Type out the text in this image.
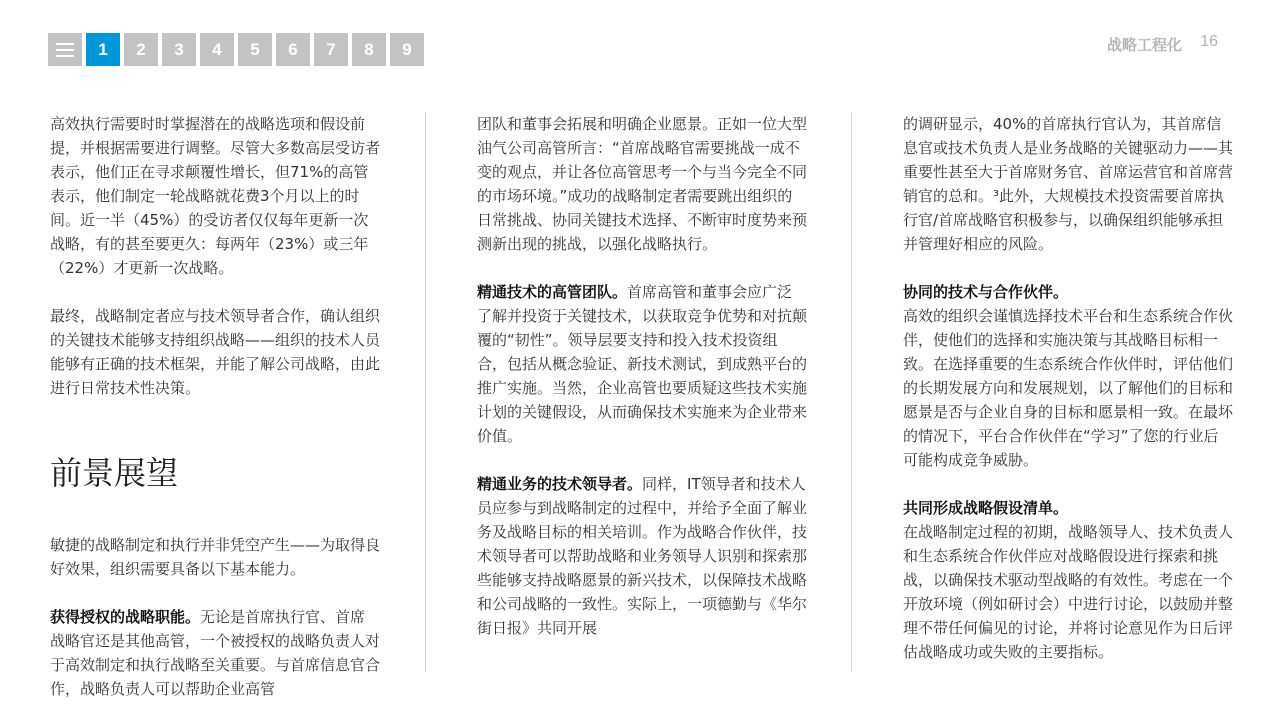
1	2	3	4	5	6	7	8	9	战略工程化 16

高效执行需要时时掌握潜在的战略选项和假设前提，并根据需要进行调整。尽管大多数高层受访者表示，他们正在寻求颠覆性增长，但71%的高管表示，他们制定一轮战略就花费3个月以上的时间。近一半（45%）的受访者仅仅每年更新一次战略，有的甚至要更久：每两年（23%）或三年（22%）才更新一次战略。

最终，战略制定者应与技术领导者合作，确认组织的关键技术能够支持组织战略——组织的技术人员能够有正确的技术框架，并能了解公司战略，由此进行日常技术性决策。

前景展望

敏捷的战略制定和执行并非凭空产生——为取得良好效果，组织需要具备以下基本能力。

获得授权的战略职能。无论是首席执行官、首席战略官还是其他高管，一个被授权的战略负责人对于高效制定和执行战略至关重要。与首席信息官合作，战略负责人可以帮助企业高管

团队和董事会拓展和明确企业愿景。正如一位大型油气公司高管所言：“首席战略官需要挑战一成不变的观点，并让各位高管思考一个与当今完全不同的市场环境。”成功的战略制定者需要跳出组织的日常挑战、协同关键技术选择、不断审时度势来预测新出现的挑战，以强化战略执行。

精通技术的高管团队。首席高管和董事会应广泛了解并投资于关键技术，以获取竞争优势和对抗颠覆的“韧性”。领导层要支持和投入技术投资组合，包括从概念验证、新技术测试，到成熟平台的推广实施。当然，企业高管也要质疑这些技术实施计划的关键假设，从而确保技术实施来为企业带来价值。

精通业务的技术领导者。同样，IT领导者和技术人员应参与到战略制定的过程中，并给予全面了解业务及战略目标的相关培训。作为战略合作伙伴，技术领导者可以帮助战略和业务领导人识别和探索那些能够支持战略愿景的新兴技术，以保障技术战略和公司战略的一致性。实际上，一项德勤与《华尔街日报》共同开展

的调研显示，40%的首席执行官认为，其首席信息官或技术负责人是业务战略的关键驱动力——其重要性甚至大于首席财务官、首席运营官和首席营销官的总和。³此外，大规模技术投资需要首席执行官/首席战略官积极参与，以确保组织能够承担并管理好相应的风险。

协同的技术与合作伙伴。

高效的组织会谨慎选择技术平台和生态系统合作伙伴，使他们的选择和实施决策与其战略目标相一致。在选择重要的生态系统合作伙伴时，评估他们的长期发展方向和发展规划，以了解他们的目标和愿景是否与企业自身的目标和愿景相一致。在最坏的情况下，平台合作伙伴在“学习”了您的行业后可能构成竞争威胁。

共同形成战略假设清单。

在战略制定过程的初期，战略领导人、技术负责人和生态系统合作伙伴应对战略假设进行探索和挑战，以确保技术驱动型战略的有效性。考虑在一个开放环境（例如研讨会）中进行讨论，以鼓励并整理不带任何偏见的讨论，并将讨论意见作为日后评估战略成功或失败的主要指标。
